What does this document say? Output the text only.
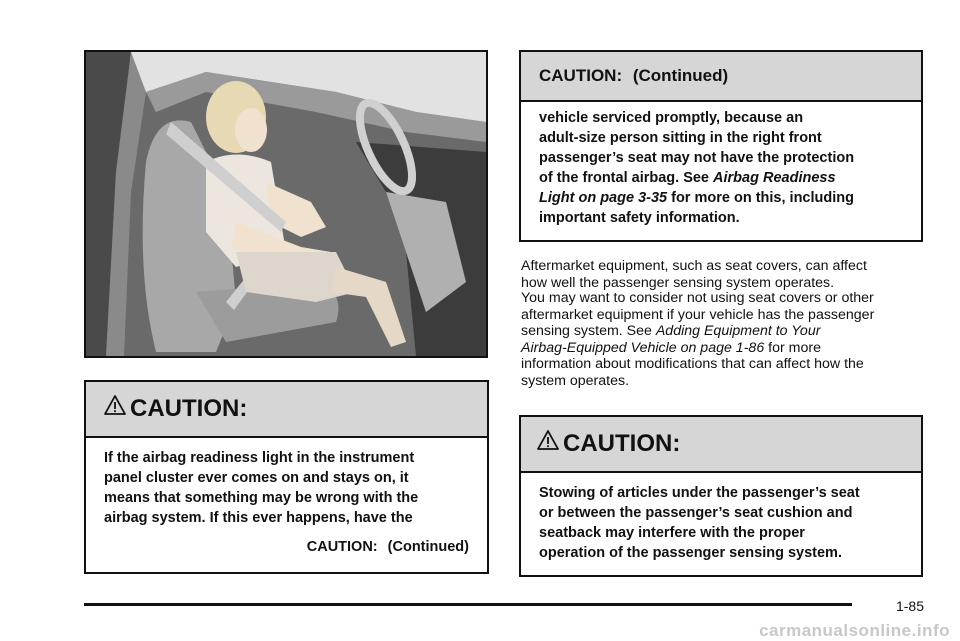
CAUTION:
If the airbag readiness light in the instrument
panel cluster ever comes on and stays on, it
means that something may be wrong with the
airbag system. If this ever happens, have the
CAUTION: (Continued)
CAUTION: (Continued)
vehicle serviced promptly, because an
adult-size person sitting in the right front
passenger’s seat may not have the protection
of the frontal airbag. See Airbag Readiness
Light on page 3-35 for more on this, including
important safety information.
Aftermarket equipment, such as seat covers, can affect
how well the passenger sensing system operates.
You may want to consider not using seat covers or other
aftermarket equipment if your vehicle has the passenger
sensing system. See Adding Equipment to Your
Airbag-Equipped Vehicle on page 1-86 for more
information about modifications that can affect how the
system operates.
CAUTION:
Stowing of articles under the passenger’s seat
or between the passenger’s seat cushion and
seatback may interfere with the proper
operation of the passenger sensing system.
1-85
carmanualsonline.info
